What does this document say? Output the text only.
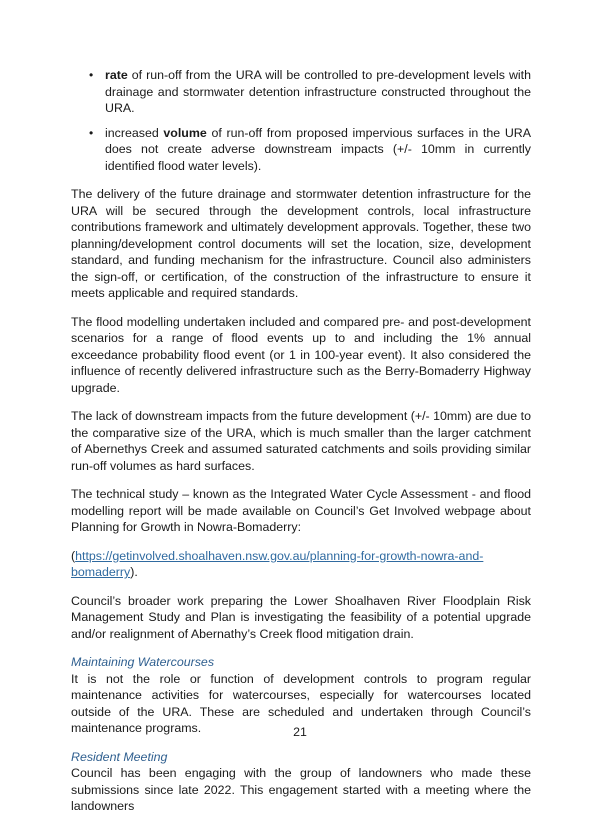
• rate of run-off from the URA will be controlled to pre-development levels with drainage and stormwater detention infrastructure constructed throughout the URA.
• increased volume of run-off from proposed impervious surfaces in the URA does not create adverse downstream impacts (+/- 10mm in currently identified flood water levels).

The delivery of the future drainage and stormwater detention infrastructure for the URA will be secured through the development controls, local infrastructure contributions framework and ultimately development approvals. Together, these two planning/development control documents will set the location, size, development standard, and funding mechanism for the infrastructure. Council also administers the sign-off, or certification, of the construction of the infrastructure to ensure it meets applicable and required standards.

The flood modelling undertaken included and compared pre- and post-development scenarios for a range of flood events up to and including the 1% annual exceedance probability flood event (or 1 in 100-year event). It also considered the influence of recently delivered infrastructure such as the Berry-Bomaderry Highway upgrade.

The lack of downstream impacts from the future development (+/- 10mm) are due to the comparative size of the URA, which is much smaller than the larger catchment of Abernethys Creek and assumed saturated catchments and soils providing similar run-off volumes as hard surfaces.

The technical study – known as the Integrated Water Cycle Assessment - and flood modelling report will be made available on Council’s Get Involved webpage about Planning for Growth in Nowra-Bomaderry:

(https://getinvolved.shoalhaven.nsw.gov.au/planning-for-growth-nowra-and-bomaderry).

Council’s broader work preparing the Lower Shoalhaven River Floodplain Risk Management Study and Plan is investigating the feasibility of a potential upgrade and/or realignment of Abernathy’s Creek flood mitigation drain.

Maintaining Watercourses

It is not the role or function of development controls to program regular maintenance activities for watercourses, especially for watercourses located outside of the URA. These are scheduled and undertaken through Council’s maintenance programs.

Resident Meeting

Council has been engaging with the group of landowners who made these submissions since late 2022. This engagement started with a meeting where the landowners

21
